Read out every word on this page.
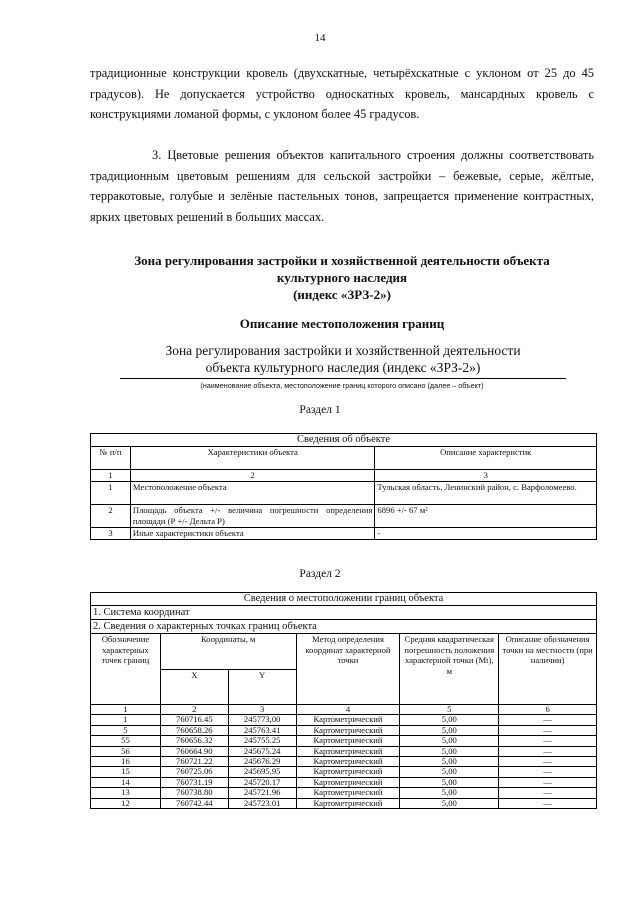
14

традиционные конструкции кровель (двухскатные, четырёхскатные с уклоном от 25 до 45 градусов). Не допускается устройство односкатных кровель, мансардных кровель с конструкциями ломаной формы, с уклоном более 45 градусов.

3. Цветовые решения объектов капитального строения должны соответствовать традиционным цветовым решениям для сельской застройки – бежевые, серые, жёлтые, терракотовые, голубые и зелёные пастельных тонов, запрещается применение контрастных, ярких цветовых решений в больших массах.

Зона регулирования застройки и хозяйственной деятельности объекта
культурного наследия
(индекс «ЗРЗ-2»)
Описание местоположения границ
Зона регулирования застройки и хозяйственной деятельности
объекта культурного наследия (индекс «ЗРЗ-2»)
(наименование объекта, местоположение границ которого описано (далее – объект)
Раздел 1
Сведения об объекте		
№ п/п	Характеристики объекта	Описание характеристик
1	2	3
1	Местоположение объекта	Тульская область, Ленинский район, с. Варфоломеево.
2	Площадь объекта +/- величина погрешности определения площади (Р +/- Дельта Р)	6896 +/- 67 м²
3	Иные характеристики объекта	-
Раздел 2
Сведения о местоположении границ объекта					
1. Система координат					
2. Сведения о характерных точках границ объекта					
Обозначение характерных точек границ	Координаты, м		Метод определения координат характерной точки	Средняя квадратическая погрешность положения характерной точки (Mt), м	Описание обозначения точки на местности (при наличии)
	X	Y			
1	2	3	4	5	6
1	760716.45	245773,00	Картометрический	5,00	—
5	760658.26	245763.41	Картометрический	5,00	—
55	760656.32	245755.25	Картометрический	5,00	—
56	760664.90	245675.24	Картометрический	5,00	—
16	760721.22	245676.29	Картометрический	5,00	—
15	760725.06	245695.95	Картометрический	5,00	—
14	760731.19	245720.17	Картометрический	5,00	—
13	760738.80	245721.96	Картометрический	5,00	—
12	760742.44	245723.01	Картометрический	5,00	—
